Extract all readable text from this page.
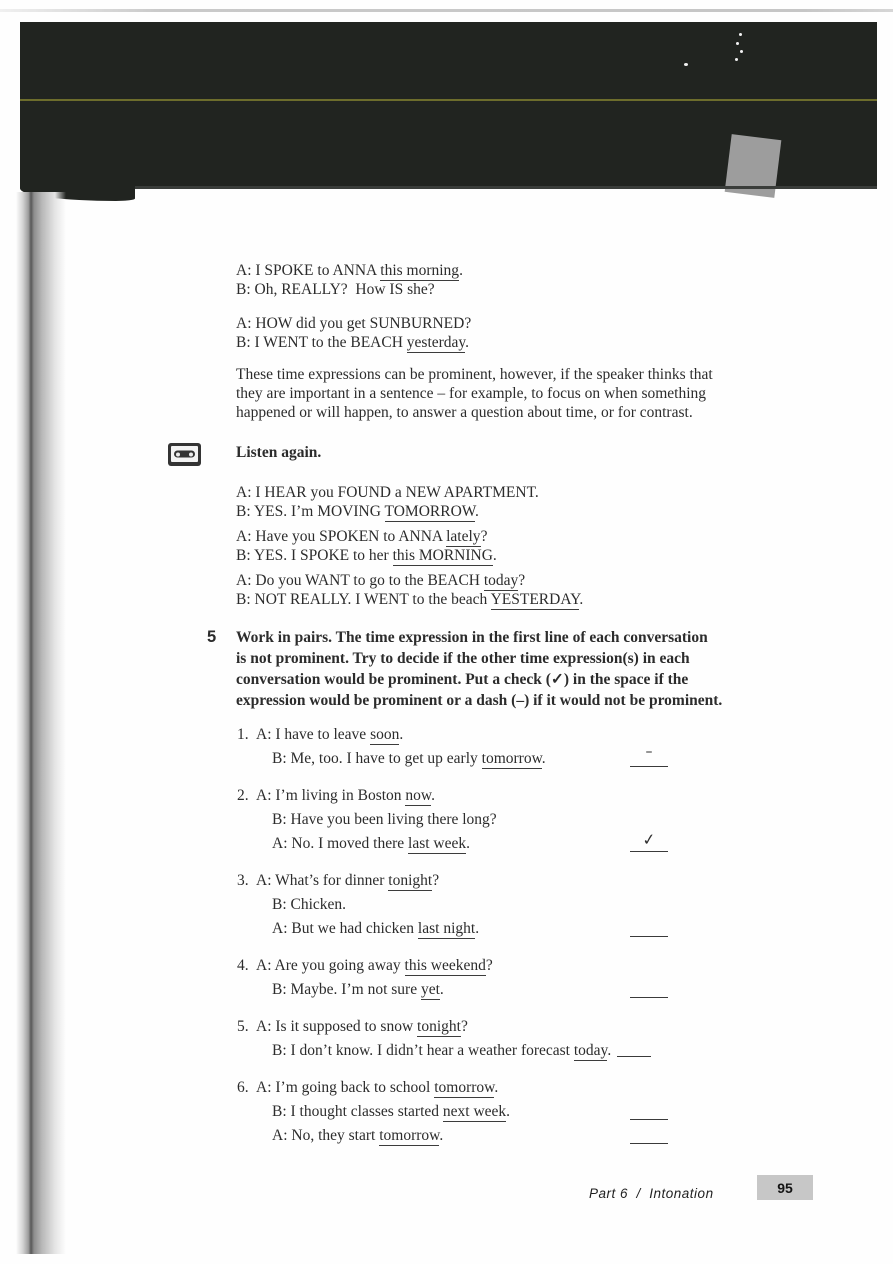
A: I SPOKE to ANNA this morning.
B: Oh, REALLY?  How IS she?
A: HOW did you get SUNBURNED?
B: I WENT to the BEACH yesterday.
These time expressions can be prominent, however, if the speaker thinks that
they are important in a sentence – for example, to focus on when something
happened or will happen, to answer a question about time, or for contrast.
Listen again.
A: I HEAR you FOUND a NEW APARTMENT.
B: YES. I’m MOVING TOMORROW.
A: Have you SPOKEN to ANNA lately?
B: YES. I SPOKE to her this MORNING.
A: Do you WANT to go to the BEACH today?
B: NOT REALLY. I WENT to the beach YESTERDAY.
5 Work in pairs. The time expression in the first line of each conversation
is not prominent. Try to decide if the other time expression(s) in each
conversation would be prominent. Put a check (✓) in the space if the
expression would be prominent or a dash (–) if it would not be prominent.
1. A: I have to leave soon.
B: Me, too. I have to get up early tomorrow.	–
2. A: I’m living in Boston now.
B: Have you been living there long?
A: No. I moved there last week.	✓
3. A: What’s for dinner tonight?
B: Chicken.
A: But we had chicken last night.
4. A: Are you going away this weekend?
B: Maybe. I’m not sure yet.
5. A: Is it supposed to snow tonight?
B: I don’t know. I didn’t hear a weather forecast today.
6. A: I’m going back to school tomorrow.
B: I thought classes started next week.
A: No, they start tomorrow.
Part 6  /  Intonation	95
